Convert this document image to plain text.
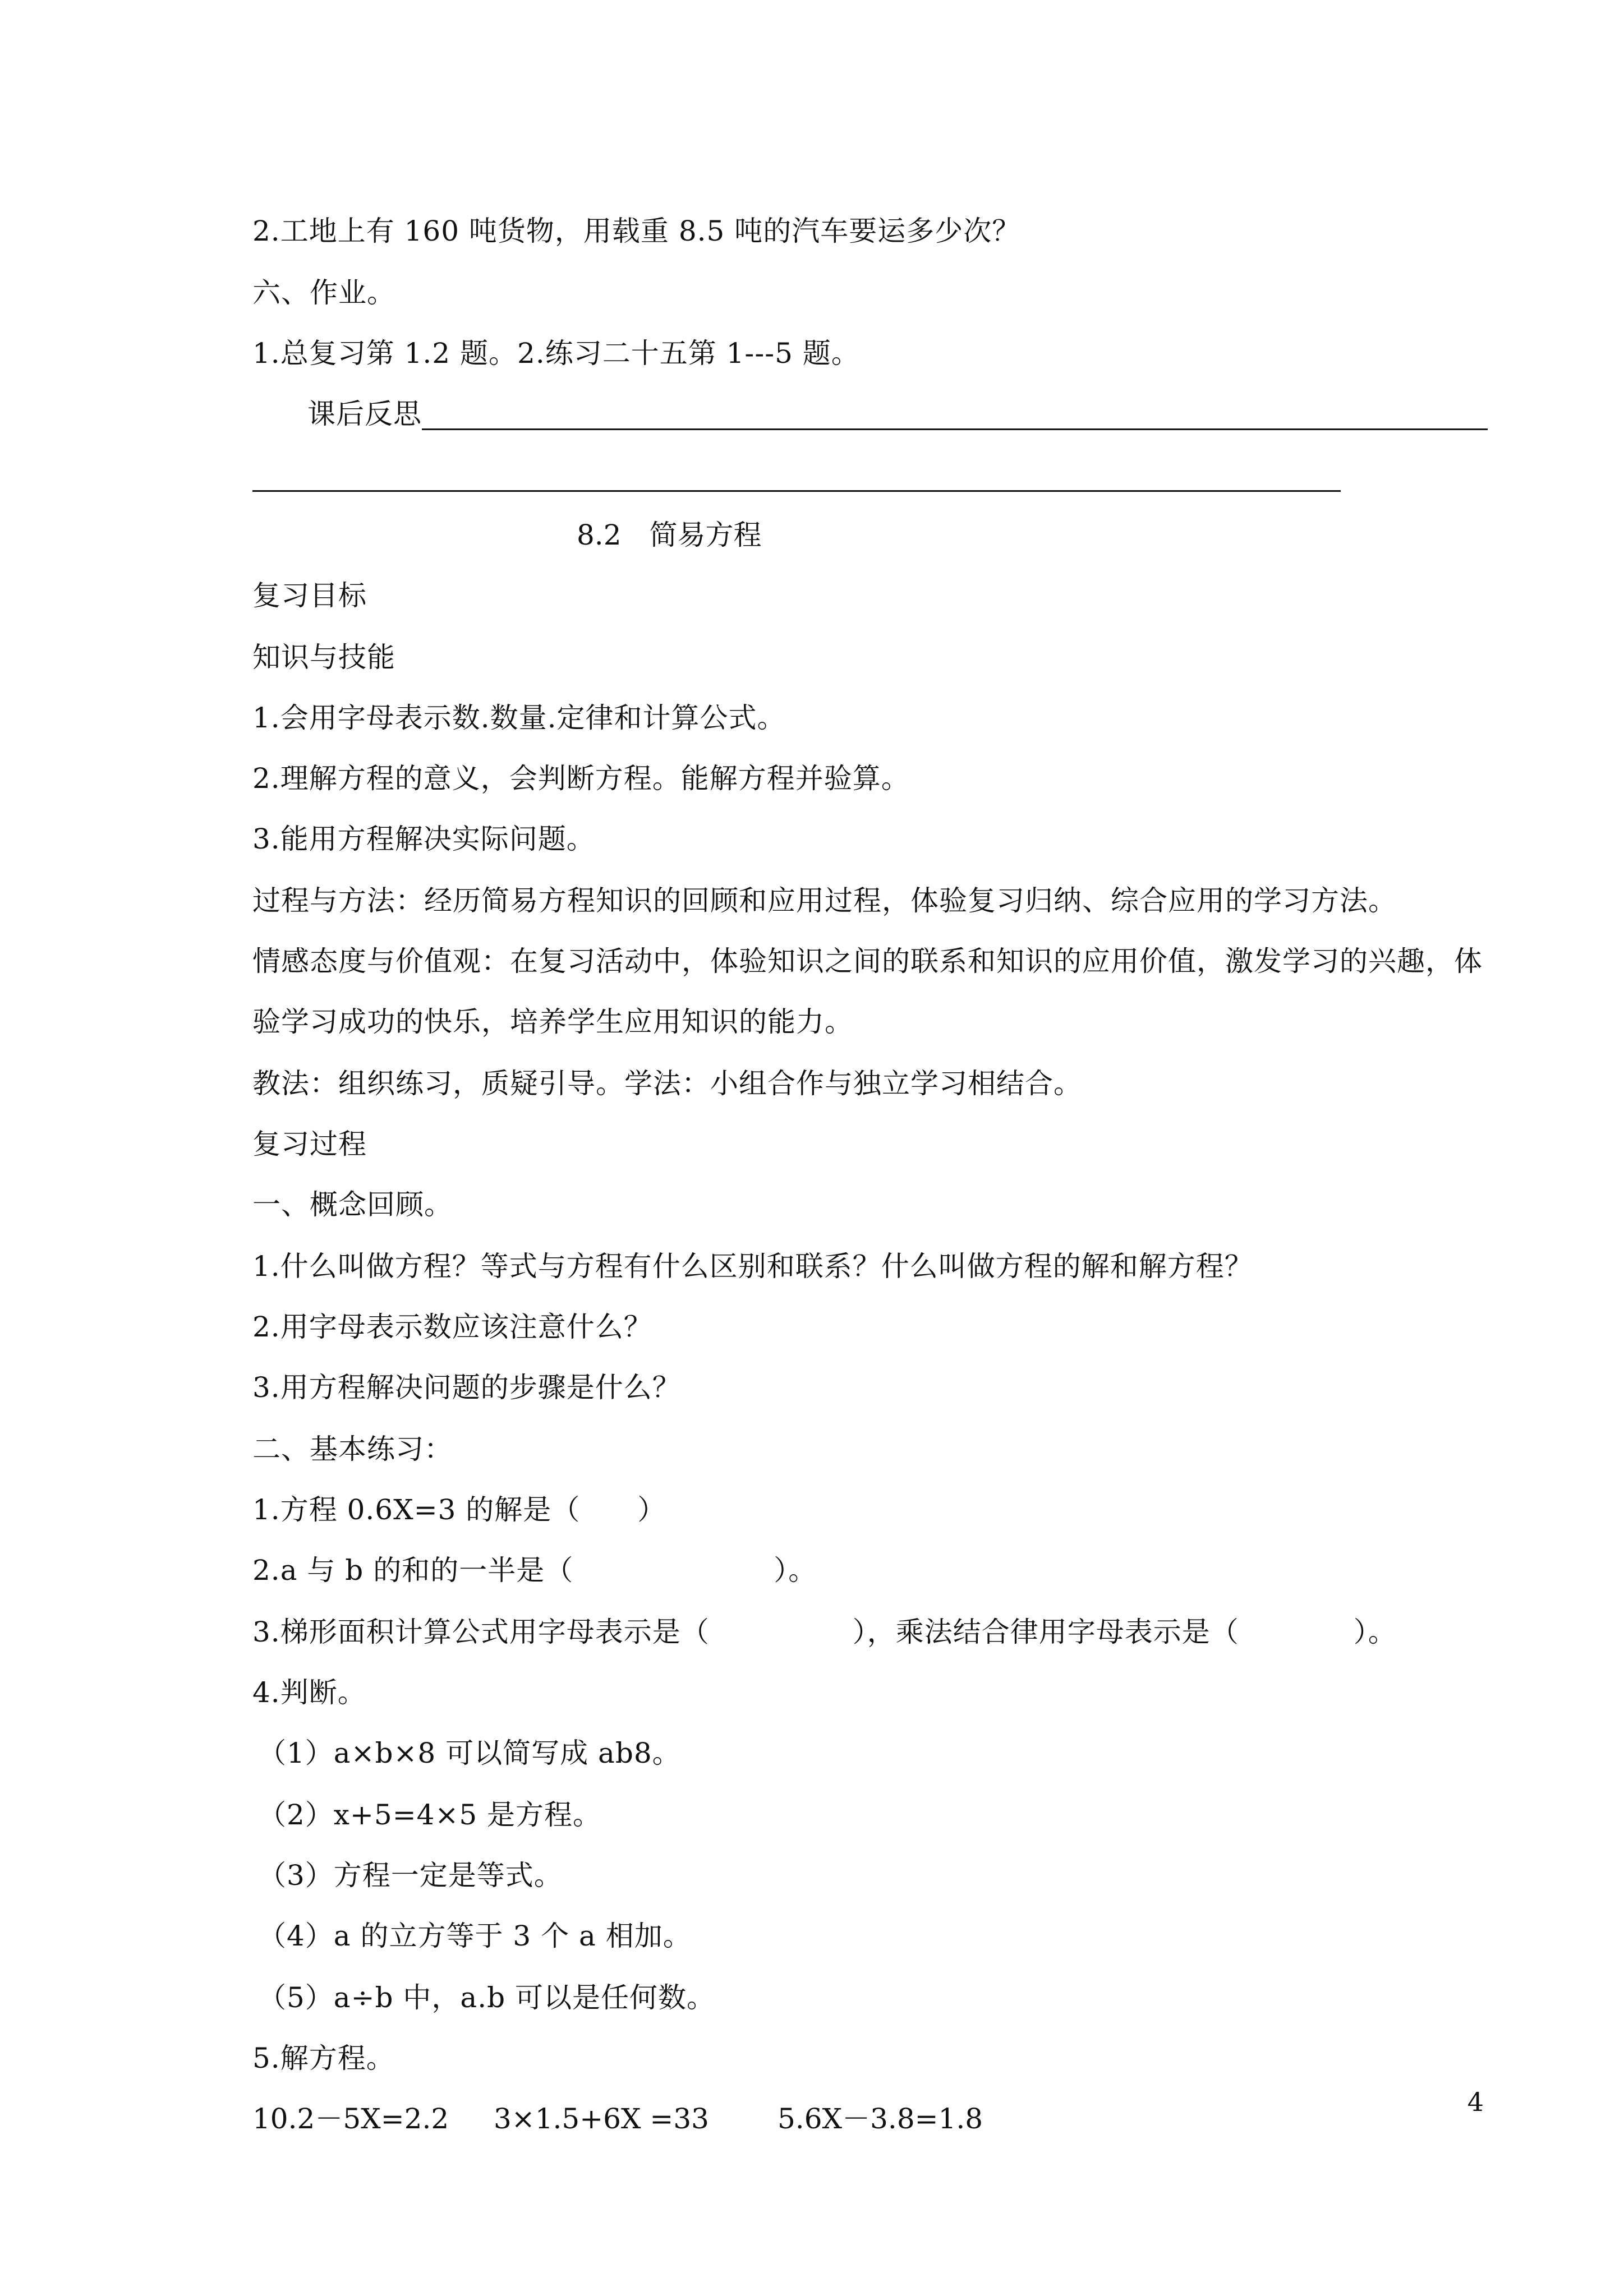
2.工地上有 160 吨货物，用载重 8.5 吨的汽车要运多少次？
六、作业。
1.总复习第 1.2 题。2.练习二十五第 1---5 题。
课后反思
8.2　简易方程
复习目标
知识与技能
1.会用字母表示数.数量.定律和计算公式。
2.理解方程的意义，会判断方程。能解方程并验算。
3.能用方程解决实际问题。
过程与方法：经历简易方程知识的回顾和应用过程，体验复习归纳、综合应用的学习方法。
情感态度与价值观：在复习活动中，体验知识之间的联系和知识的应用价值，激发学习的兴趣，体
验学习成功的快乐，培养学生应用知识的能力。
教法：组织练习，质疑引导。学法：小组合作与独立学习相结合。
复习过程
一、概念回顾。
1.什么叫做方程？等式与方程有什么区别和联系？什么叫做方程的解和解方程？
2.用字母表示数应该注意什么？
3.用方程解决问题的步骤是什么？
二、基本练习：
1.方程 0.6X=3 的解是（　　）
2.a 与 b 的和的一半是（　　　　　　　）。
3.梯形面积计算公式用字母表示是（　　　　　），乘法结合律用字母表示是（　　　　）。
4.判断。
（1）a×b×8 可以简写成 ab8。
（2）x+5=4×5 是方程。
（3）方程一定是等式。
（4）a 的立方等于 3 个 a 相加。
（5）a÷b 中，a.b 可以是任何数。
5.解方程。
10.2－5X=2.2 3×1.5+6X =33 5.6X－3.8=1.8
4
